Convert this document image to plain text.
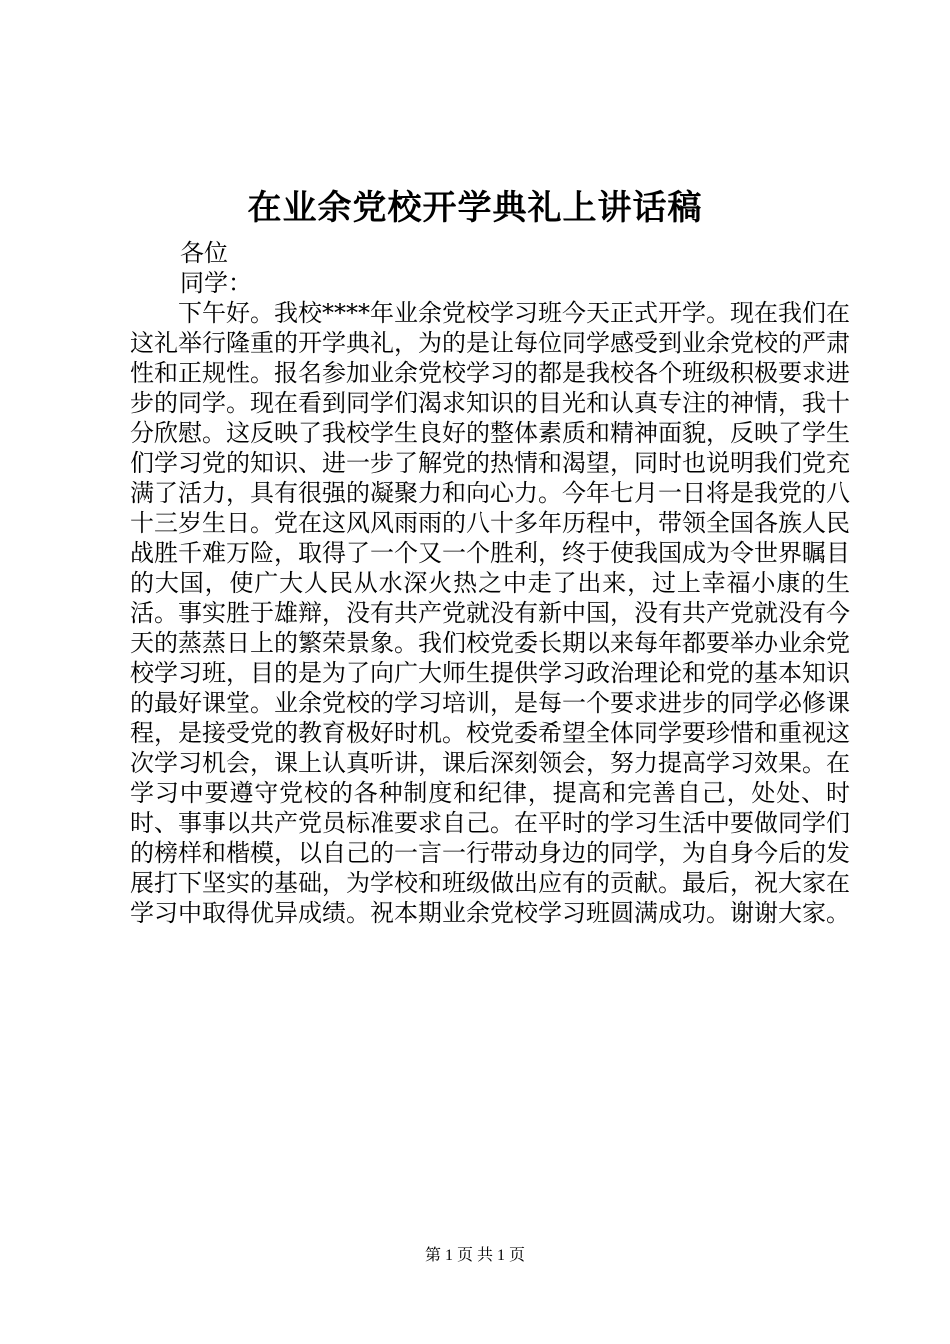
在业余党校开学典礼上讲话稿

各位

同学：

下午好。我校****年业余党校学习班今天正式开学。现在我们在这礼举行隆重的开学典礼，为的是让每位同学感受到业余党校的严肃性和正规性。报名参加业余党校学习的都是我校各个班级积极要求进步的同学。现在看到同学们渴求知识的目光和认真专注的神情，我十分欣慰。这反映了我校学生良好的整体素质和精神面貌，反映了学生们学习党的知识、进一步了解党的热情和渴望，同时也说明我们党充满了活力，具有很强的凝聚力和向心力。今年七月一日将是我党的八十三岁生日。党在这风风雨雨的八十多年历程中，带领全国各族人民战胜千难万险，取得了一个又一个胜利，终于使我国成为令世界瞩目的大国，使广大人民从水深火热之中走了出来，过上幸福小康的生活。事实胜于雄辩，没有共产党就没有新中国，没有共产党就没有今天的蒸蒸日上的繁荣景象。我们校党委长期以来每年都要举办业余党校学习班，目的是为了向广大师生提供学习政治理论和党的基本知识的最好课堂。业余党校的学习培训，是每一个要求进步的同学必修课程，是接受党的教育极好时机。校党委希望全体同学要珍惜和重视这次学习机会，课上认真听讲，课后深刻领会，努力提高学习效果。在学习中要遵守党校的各种制度和纪律，提高和完善自己，处处、时时、事事以共产党员标准要求自己。在平时的学习生活中要做同学们的榜样和楷模，以自己的一言一行带动身边的同学，为自身今后的发展打下坚实的基础，为学校和班级做出应有的贡献。最后，祝大家在学习中取得优异成绩。祝本期业余党校学习班圆满成功。谢谢大家。

第 1 页 共 1 页
